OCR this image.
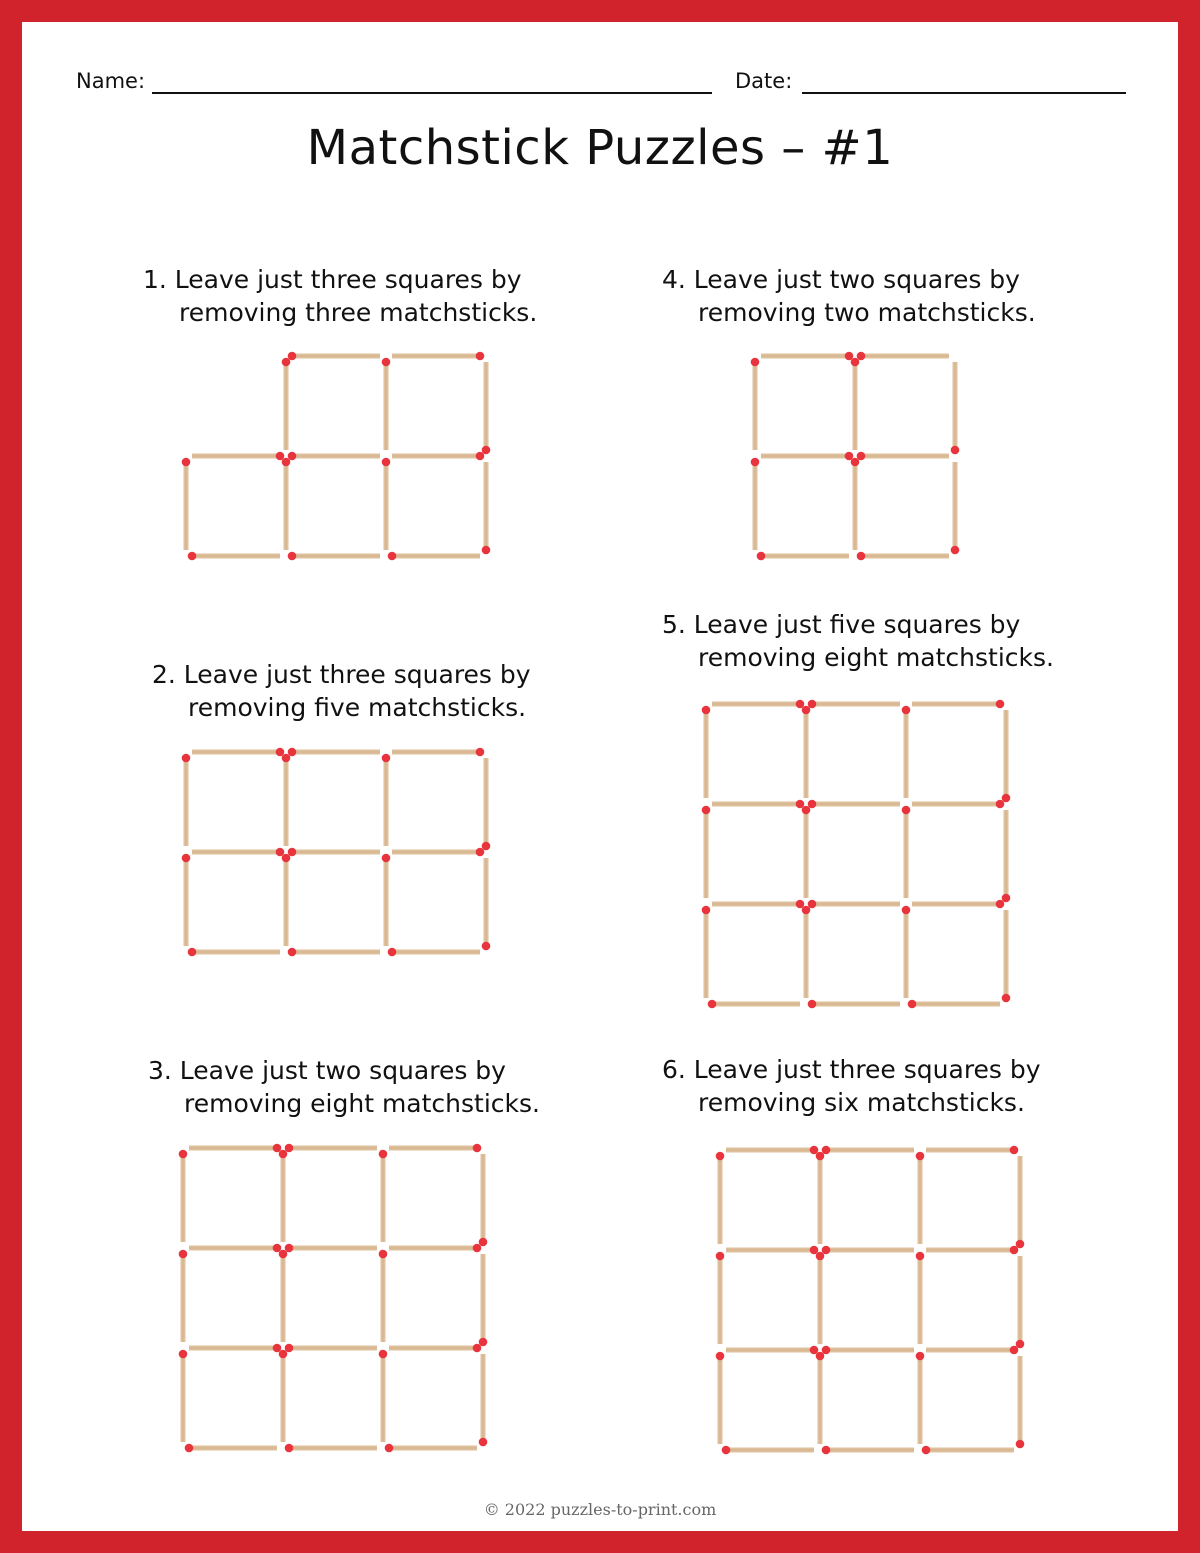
Name:	Date:
Matchstick Puzzles – #1
1. Leave just three squares by
removing three matchsticks.
2. Leave just three squares by
removing five matchsticks.
3. Leave just two squares by
removing eight matchsticks.
4. Leave just two squares by
removing two matchsticks.
5. Leave just five squares by
removing eight matchsticks.
6. Leave just three squares by
removing six matchsticks.
© 2022 puzzles-to-print.com
